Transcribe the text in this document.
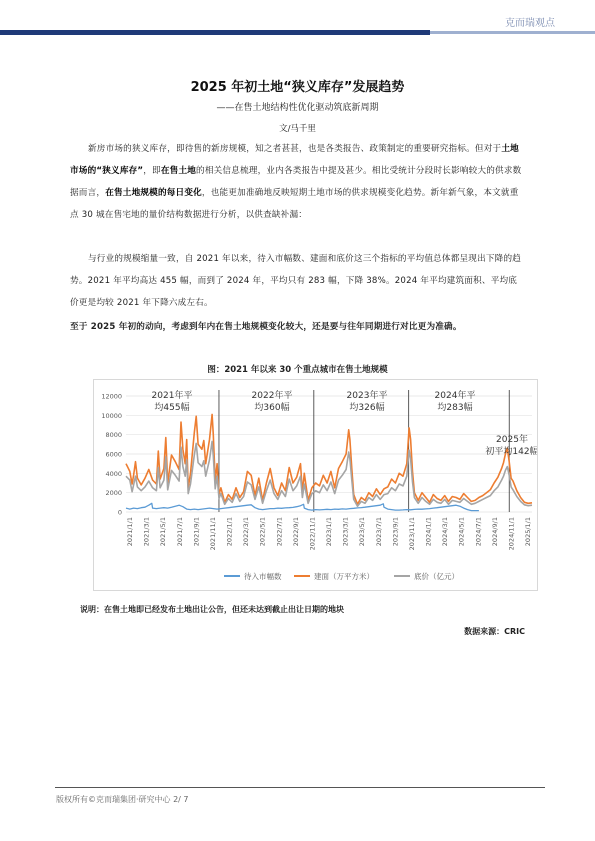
克而瑞观点
2025 年初土地“狭义库存”发展趋势
——在售土地结构性优化驱动筑底新周期
文/马千里
新房市场的狭义库存，即待售的新房规模，知之者甚甚，也是各类报告、政策制定的重要研究指标。但对于土地市场的“狭义库存”，即在售土地的相关信息梳理，业内各类报告中提及甚少。相比受统计分段时长影响较大的供求数据而言，在售土地规模的每日变化，也能更加准确地反映短期土地市场的供求规模变化趋势。新年新气象，本文就重点 30 城在售宅地的量价结构数据进行分析，以供查缺补漏：
与行业的规模缩量一致，自 2021 年以来，待入市幅数、建面和底价这三个指标的平均值总体都呈现出下降的趋势。2021 年平均高达 455 幅，而到了 2024 年，平均只有 283 幅，下降 38%。2024 年平均建筑面积、平均底价更是均较 2021 年下降六成左右。
至于 2025 年初的动向，考虑到年内在售土地规模变化较大，还是要与往年同期进行对比更为准确。
图：2021 年以来 30 个重点城市在售土地规模
0
2000
4000
6000
8000
10000
12000
2021/1/1 2021/3/1 2021/5/1 2021/7/1 2021/9/1 2021/11/1 2022/1/1 2022/3/1 2022/5/1 2022/7/1 2022/9/1 2022/11/1 2023/1/1 2023/3/1 2023/5/1 2023/7/1 2023/9/1 2023/11/1 2024/1/1 2024/3/1 2024/5/1 2024/7/1 2024/9/1 2024/11/1 2025/1/1
2021年平
均455幅
2022年平
均360幅
2023年平
均326幅
2024年平
均283幅
2025年
初平均142幅
待入市幅数	建面（万平方米）	底价（亿元）
说明：在售土地即已经发布土地出让公告，但还未达到截止出让日期的地块
数据来源：CRIC
版权所有©克而瑞集团·研究中心 2/ 7
